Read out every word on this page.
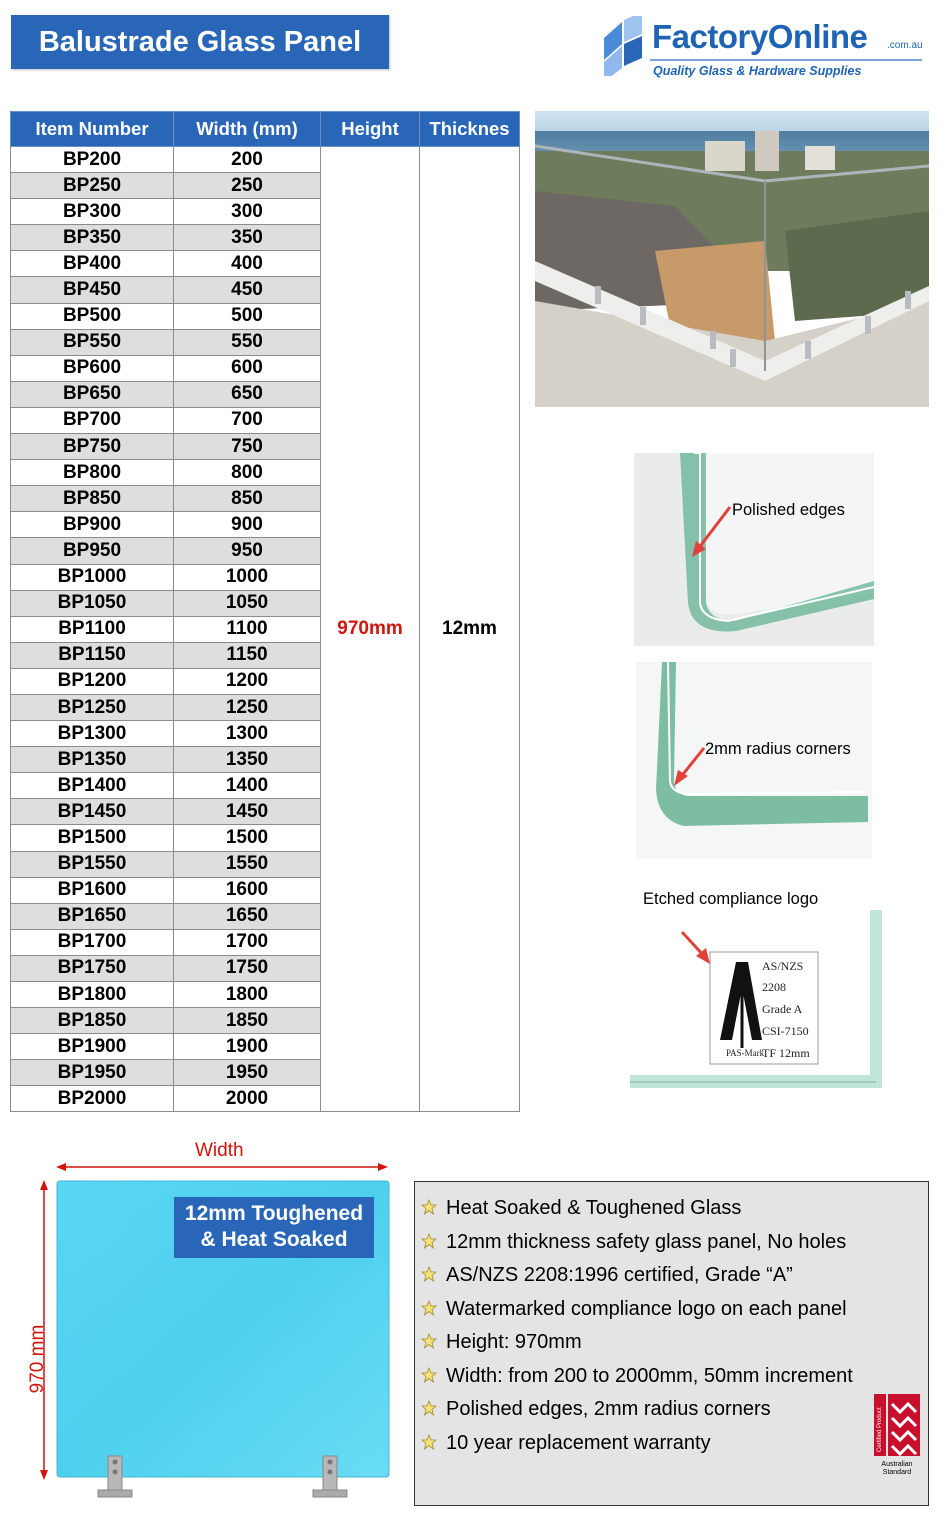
Balustrade Glass Panel	FactoryOnline .com.au
Quality Glass & Hardware Supplies
Item Number	Width (mm)	Height	Thicknes
BP200	200	970mm	12mm
BP250	250		
BP300	300		
BP350	350		
BP400	400		
BP450	450		
BP500	500		
BP550	550		
BP600	600		
BP650	650		
BP700	700		
BP750	750		
BP800	800		
BP850	850		
BP900	900		
BP950	950		
BP1000	1000		
BP1050	1050		
BP1100	1100		
BP1150	1150		
BP1200	1200		
BP1250	1250		
BP1300	1300		
BP1350	1350		
BP1400	1400		
BP1450	1450		
BP1500	1500		
BP1550	1550		
BP1600	1600		
BP1650	1650		
BP1700	1700		
BP1750	1750		
BP1800	1800		
BP1850	1850		
BP1900	1900		
BP1950	1950		
BP2000	2000		
Polished edges
2mm radius corners
Etched compliance logo
AS/NZS
2208
Grade A
CSI-7150
TF 12mm
PAS-Mark
Width
970 mm
12mm Toughened
& Heat Soaked
Heat Soaked & Toughened Glass
12mm thickness safety glass panel, No holes
AS/NZS 2208:1996 certified, Grade “A”
Watermarked compliance logo on each panel
Height: 970mm
Width: from 200 to 2000mm, 50mm increment
Polished edges, 2mm radius corners
10 year replacement warranty	Certified Product
Australian
Standard
